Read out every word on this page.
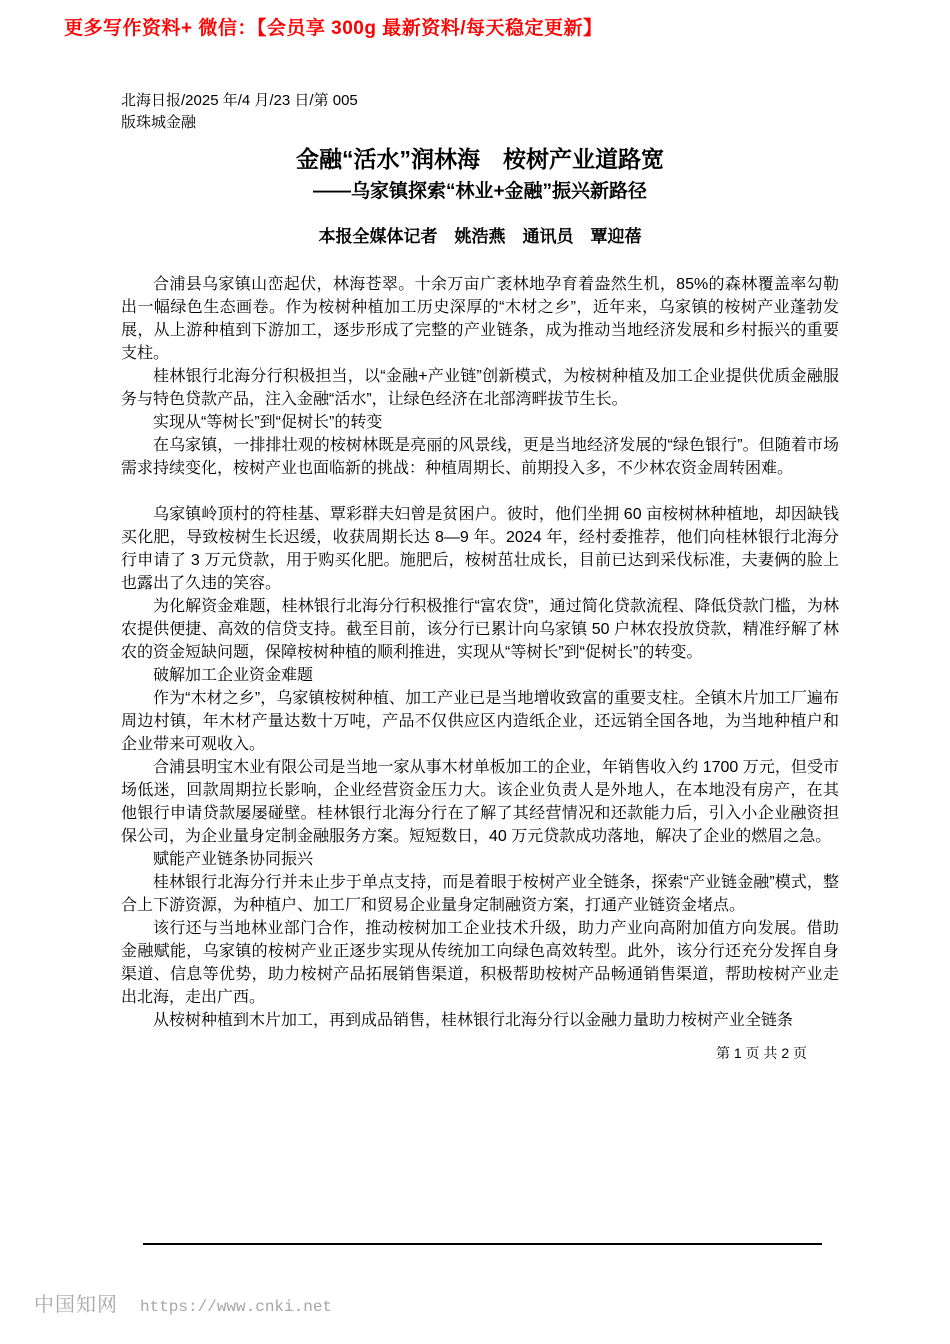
更多写作资料+ 微信：【会员享 300g 最新资料/每天稳定更新】
北海日报/2025 年/4 月/23 日/第 005
版珠城金融
金融“活水”润林海　桉树产业道路宽
——乌家镇探索“林业+金融”振兴新路径
本报全媒体记者　姚浩燕　通讯员　覃迎蓓

合浦县乌家镇山峦起伏，林海苍翠。十余万亩广袤林地孕育着盎然生机，85%的森林覆盖率勾勒出一幅绿色生态画卷。作为桉树种植加工历史深厚的“木材之乡”，近年来，乌家镇的桉树产业蓬勃发展，从上游种植到下游加工，逐步形成了完整的产业链条，成为推动当地经济发展和乡村振兴的重要支柱。

桂林银行北海分行积极担当，以“金融+产业链”创新模式，为桉树种植及加工企业提供优质金融服务与特色贷款产品，注入金融“活水”，让绿色经济在北部湾畔拔节生长。

实现从“等树长”到“促树长”的转变

在乌家镇，一排排壮观的桉树林既是亮丽的风景线，更是当地经济发展的“绿色银行”。但随着市场需求持续变化，桉树产业也面临新的挑战：种植周期长、前期投入多，不少林农资金周转困难。

乌家镇岭顶村的符桂基、覃彩群夫妇曾是贫困户。彼时，他们坐拥 60 亩桉树林种植地，却因缺钱买化肥，导致桉树生长迟缓，收获周期长达 8—9 年。2024 年，经村委推荐，他们向桂林银行北海分行申请了 3 万元贷款，用于购买化肥。施肥后，桉树茁壮成长，目前已达到采伐标准，夫妻俩的脸上也露出了久违的笑容。

为化解资金难题，桂林银行北海分行积极推行“富农贷”，通过简化贷款流程、降低贷款门槛，为林农提供便捷、高效的信贷支持。截至目前，该分行已累计向乌家镇 50 户林农投放贷款，精准纾解了林农的资金短缺问题，保障桉树种植的顺利推进，实现从“等树长”到“促树长”的转变。

破解加工企业资金难题

作为“木材之乡”，乌家镇桉树种植、加工产业已是当地增收致富的重要支柱。全镇木片加工厂遍布周边村镇，年木材产量达数十万吨，产品不仅供应区内造纸企业，还远销全国各地，为当地种植户和企业带来可观收入。

合浦县明宝木业有限公司是当地一家从事木材单板加工的企业，年销售收入约 1700 万元，但受市场低迷，回款周期拉长影响，企业经营资金压力大。该企业负责人是外地人，在本地没有房产，在其他银行申请贷款屡屡碰壁。桂林银行北海分行在了解了其经营情况和还款能力后，引入小企业融资担保公司，为企业量身定制金融服务方案。短短数日，40 万元贷款成功落地，解决了企业的燃眉之急。

赋能产业链条协同振兴

桂林银行北海分行并未止步于单点支持，而是着眼于桉树产业全链条，探索“产业链金融”模式，整合上下游资源，为种植户、加工厂和贸易企业量身定制融资方案，打通产业链资金堵点。

该行还与当地林业部门合作，推动桉树加工企业技术升级，助力产业向高附加值方向发展。借助金融赋能，乌家镇的桉树产业正逐步实现从传统加工向绿色高效转型。此外，该分行还充分发挥自身渠道、信息等优势，助力桉树产品拓展销售渠道，积极帮助桉树产品畅通销售渠道，帮助桉树产业走出北海，走出广西。

从桉树种植到木片加工，再到成品销售，桂林银行北海分行以金融力量助力桉树产业全链条

第 1 页 共 2 页
中国知网 https://www.cnki.net
